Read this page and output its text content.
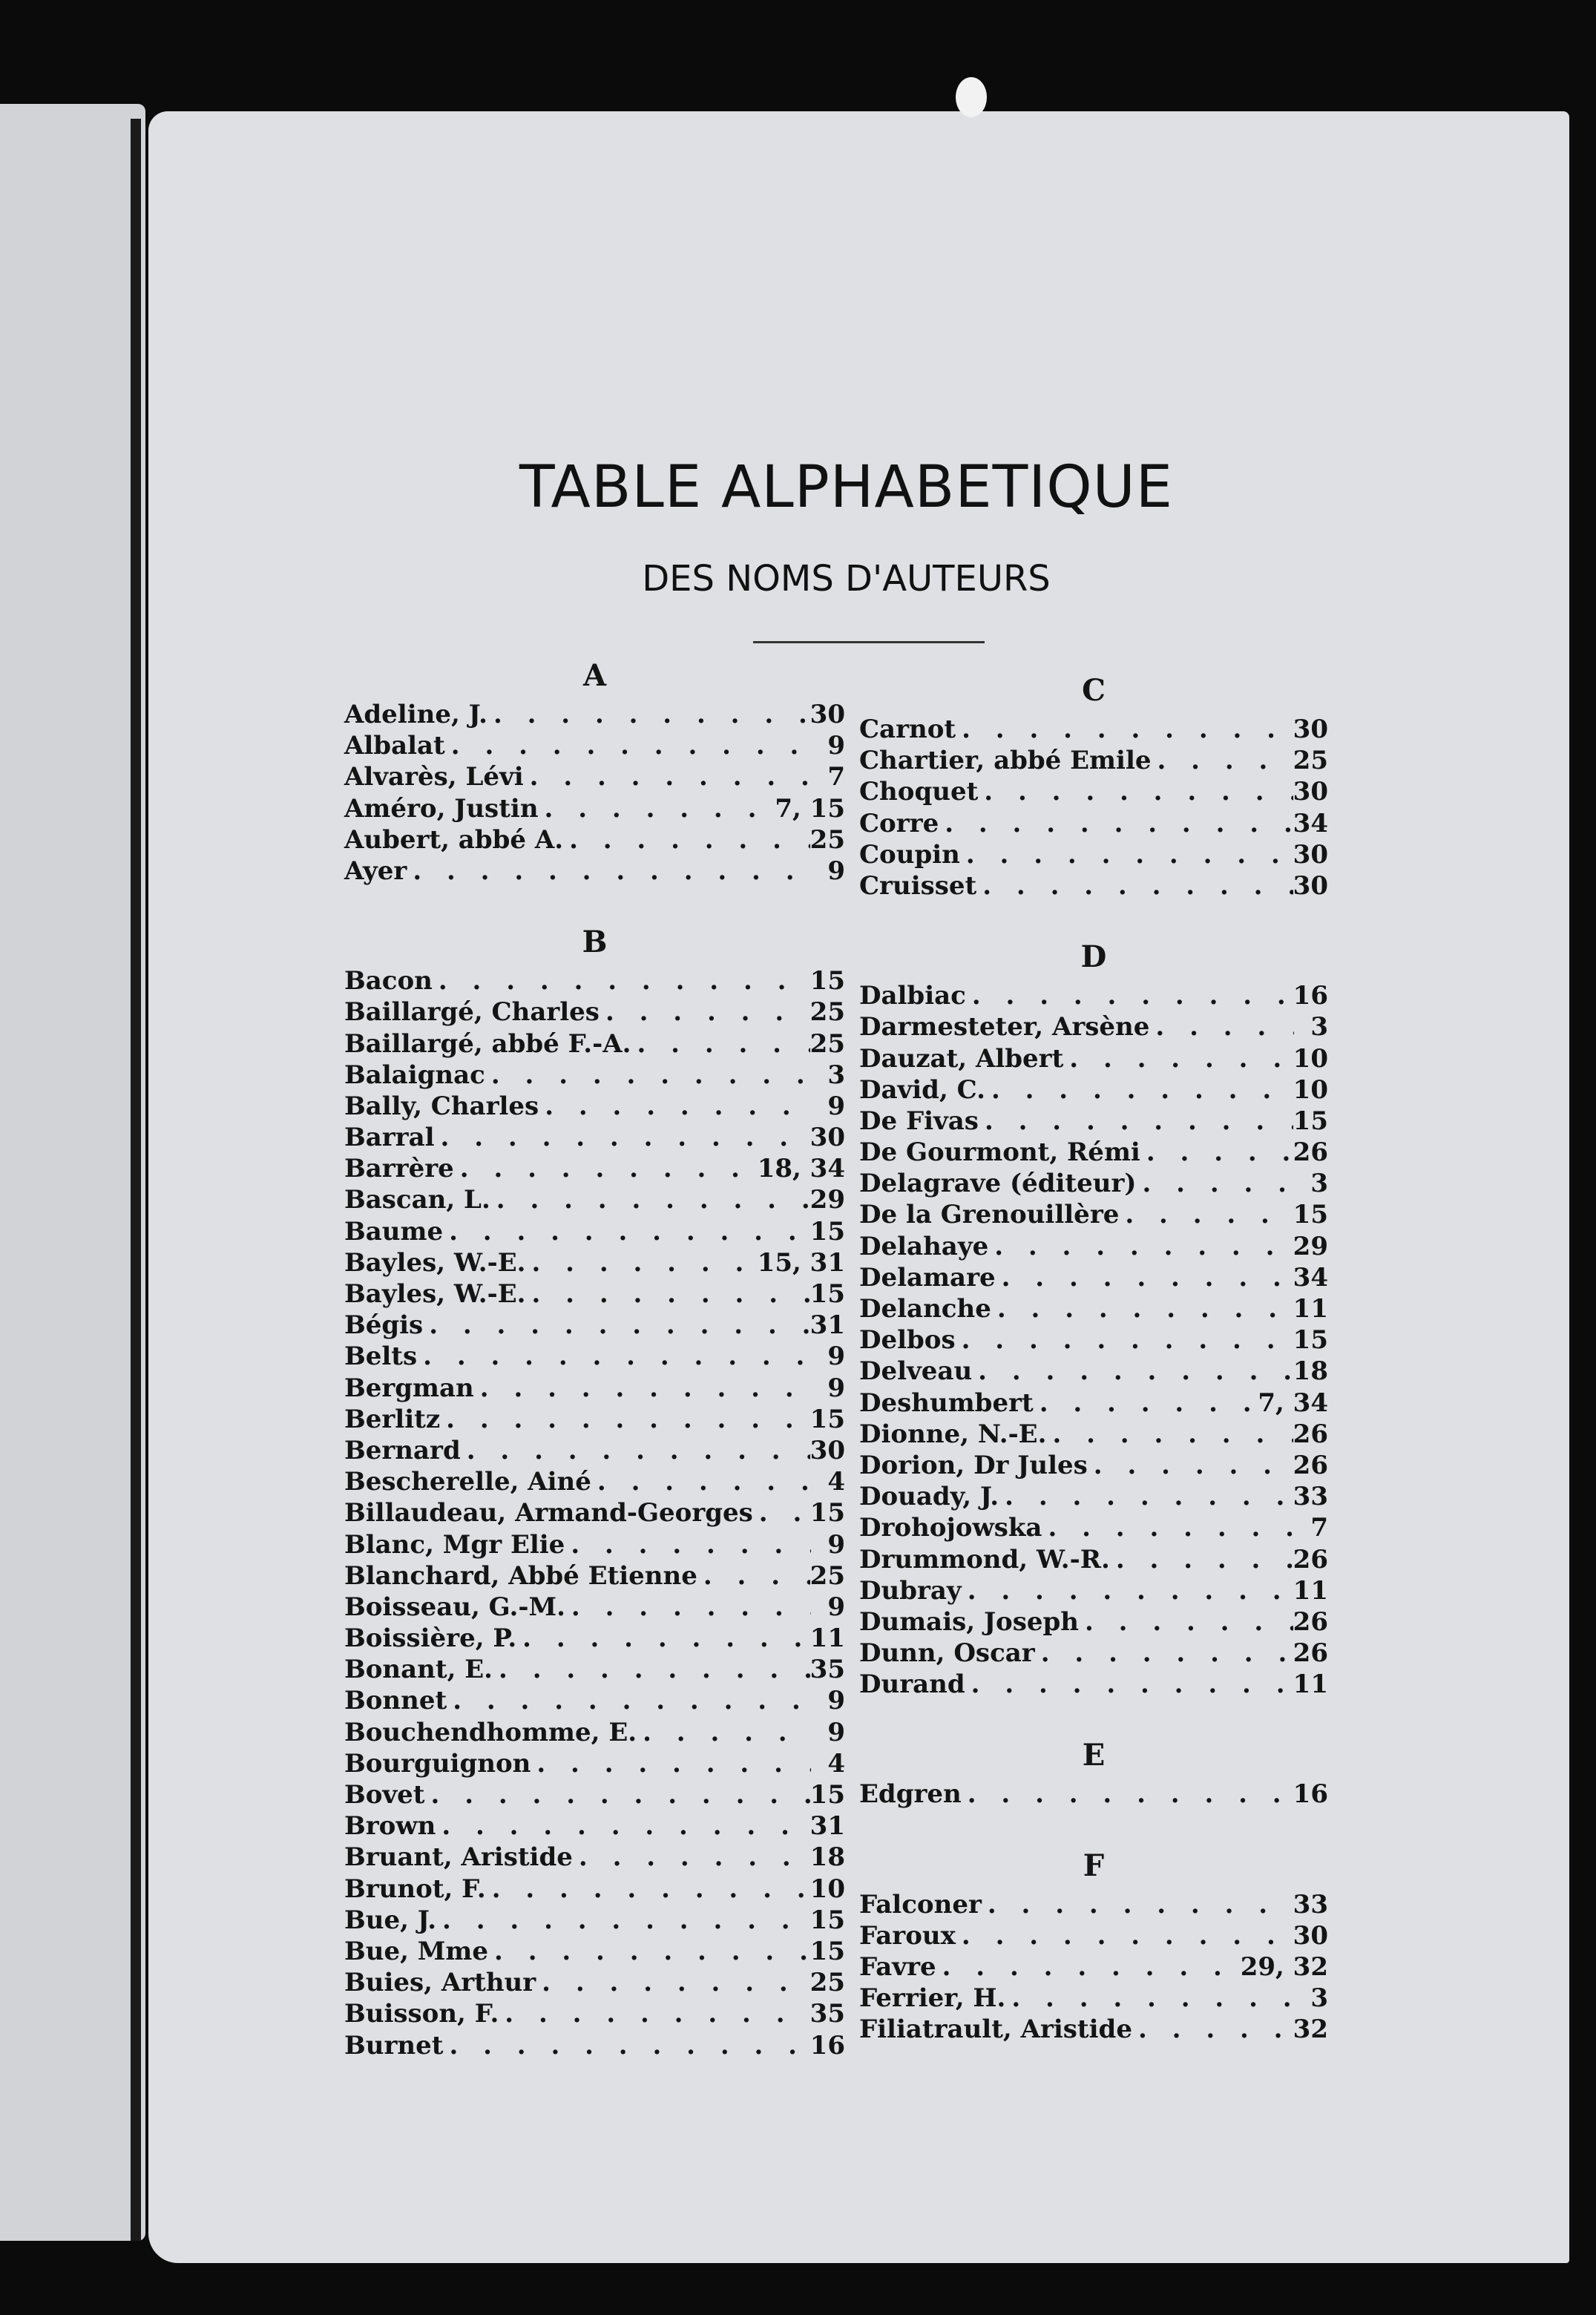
TABLE ALPHABETIQUE
DES NOMS D'AUTEURS
A
Adeline, J. . . .	30
Albalat . . .	9
Alvarès, Lévi . . .	7
Améro, Justin . . .	7, 15
Aubert, abbé A. . . .	25
Ayer . . .	9
B
Bacon . . .	15
Baillargé, Charles . . .	25
Baillargé, abbé F.-A. . . .	25
Balaignac . . .	3
Bally, Charles . . .	9
Barral . . .	30
Barrère . . .	18, 34
Bascan, L. . . .	29
Baume . . .	15
Bayles, W.-E. . . .	15, 31
Bayles, W.-E. . . .	15
Bégis . . .	31
Belts . . .	9
Bergman . . .	9
Berlitz . . .	15
Bernard . . .	30
Bescherelle, Ainé . . .	4
Billaudeau, Armand-Georges . . . 15
Blanc, Mgr Elie . . .	9
Blanchard, Abbé Etienne . . .	25
Boisseau, G.-M. . . .	9
Boissière, P. . . .	11
Bonant, E. . . .	35
Bonnet . . .	9
Bouchendhomme, E. . . .	9
Bourguignon . . .	4
Bovet . . .	15
Brown . . .	31
Bruant, Aristide . . .	18
Brunot, F. . . .	10
Bue, J. . . .	15
Bue, Mme . . .	15
Buies, Arthur . . .	25
Buisson, F. . . .	35
Burnet . . .	16
C
Carnot . . .	30
Chartier, abbé Emile . . .	25
Choquet . . .	30
Corre . . .	34
Coupin . . .	30
Cruisset . . .	30
D
Dalbiac . . .	16
Darmesteter, Arsène . . .	3
Dauzat, Albert . . .	10
David, C. . . .	10
De Fivas . . .	15
De Gourmont, Rémi . . .	26
Delagrave (éditeur) . . .	3
De la Grenouillère . . .	15
Delahaye . . .	29
Delamare . . .	34
Delanche . . .	11
Delbos . . .	15
Delveau . . .	18
Deshumbert . . .	7, 34
Dionne, N.-E. . . .	26
Dorion, Dr Jules . . .	26
Douady, J. . . .	33
Drohojowska . . .	7
Drummond, W.-R. . . .	26
Dubray . . .	11
Dumais, Joseph . . .	26
Dunn, Oscar . . .	26
Durand . . .	11
E
Edgren . . .	16
F
Falconer . . .	33
Faroux . . .	30
Favre . . .	29, 32
Ferrier, H. . . .	3
Filiatrault, Aristide . . .	32
